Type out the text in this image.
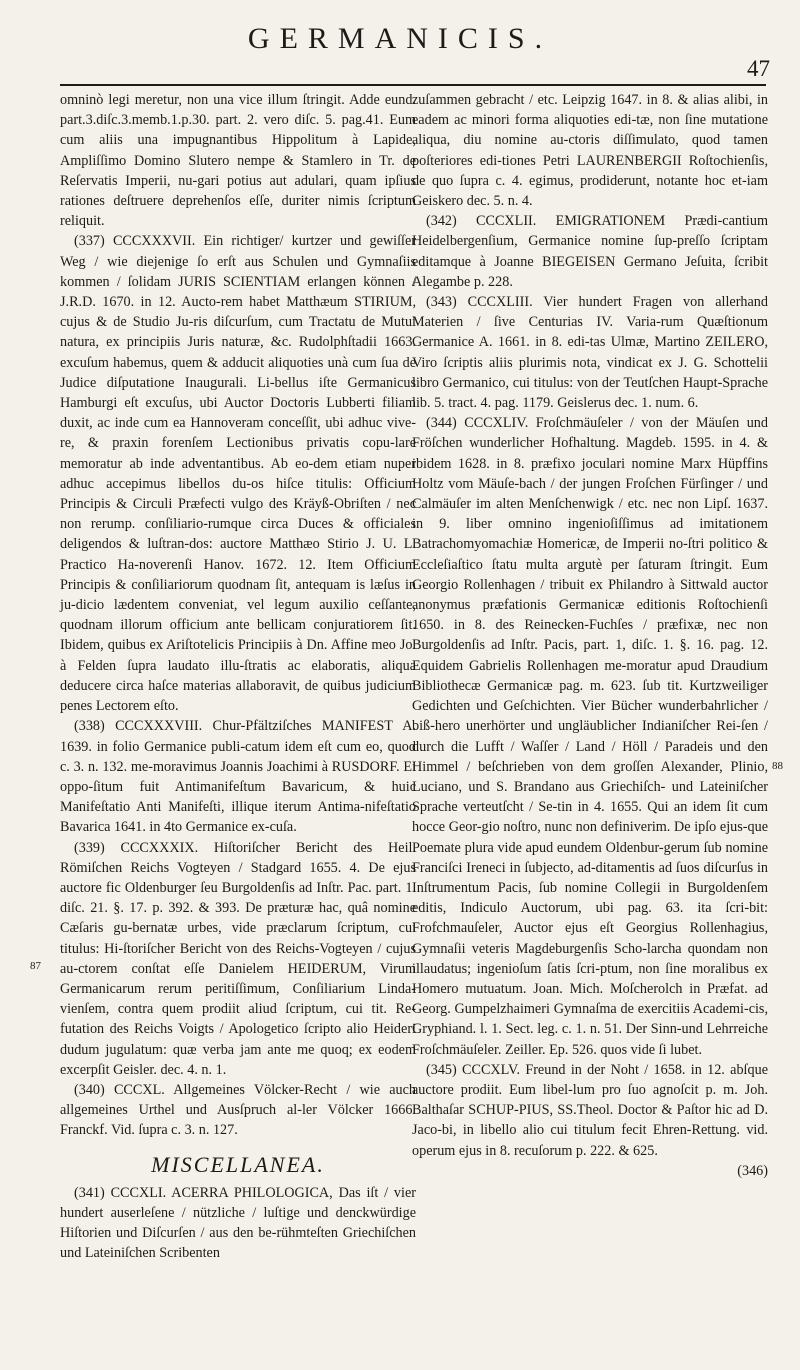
GERMANICIS.
47
87
88

omninò legi meretur, non una vice illum ſtringit. Adde eund. part.3.diſc.3.memb.1.p.30. part. 2. vero diſc. 5. pag.41. Eum cum aliis una impugnantibus Hippolitum à Lapide, Ampliſſimo Domino Slutero nempe & Stamlero in Tr. de Reſervatis Imperii, nu-gari potius aut adulari, quam ipſius rationes deſtruere deprehenſos eſſe, duriter nimis ſcriptum reliquit.

(337) CCCXXXVII. Ein richtiger/ kurtzer und gewiſſer Weg / wie diejenige ſo erſt aus Schulen und Gymnaſiis kommen / ſolidam JURIS SCIENTIAM erlangen können / J.R.D. 1670. in 12. Aucto-rem habet Matthæum STIRIUM, cujus & de Studio Ju-ris diſcurſum, cum Tractatu de Mutui natura, ex principiis Juris naturæ, &c. Rudolphſtadii 1663. excuſum habemus, quem & adducit aliquoties unà cum ſua de Judice diſputatione Inaugurali. Li-bellus iſte Germanicus Hamburgi eſt excuſus, ubi Auctor Doctoris Lubberti filiam duxit, ac inde cum ea Hannoveram conceſſit, ubi adhuc vive-re, & praxin forenſem Lectionibus privatis copu-lare memoratur ab inde adventantibus. Ab eo-dem etiam nuper adhuc accepimus libellos du-os hiſce titulis: Officium Principis & Circuli Præfecti vulgo des Kräyß-Obriſten / nec non rerump. conſiliario-rumque circa Duces & officiales deligendos & luſtran-dos: auctore Matthæo Stirio J. U. L. Practico Ha-noverenſi Hanov. 1672. 12. Item Officium Principis & conſiliariorum quodnam ſit, antequam is læſus in ju-dicio lædentem conveniat, vel legum auxilio ceſſante, quodnam illorum officium ante bellicam conjuratiorem ſit. Ibidem, quibus ex Ariſtotelicis Principiis à Dn. Affine meo Jo. à Felden ſupra laudato illu-ſtratis ac elaboratis, aliqua deducere circa haſce materias allaboravit, de quibus judicium penes Lectorem eſto.

(338) CCCXXXVIII. Chur-Pfältziſches MANIFEST A. 1639. in folio Germanice publi-catum idem eſt cum eo, quod c. 3. n. 132. me-moravimus Joannis Joachimi à RUSDORF. Ei oppo-ſitum fuit Antimanifeſtum Bavaricum, & huic Manifeſtatio Anti Manifeſti, illique iterum Antima-nifeſtatio Bavarica 1641. in 4to Germanice ex-cuſa.

(339) CCCXXXIX. Hiſtoriſcher Bericht des Heil. Römiſchen Reichs Vogteyen / Stadgard 1655. 4. De ejus auctore fic Oldenburger ſeu Burgoldenſis ad Inſtr. Pac. part. 1. diſc. 21. §. 17. p. 392. & 393. De præturæ hac, quâ nomine Cæſaris gu-bernatæ urbes, vide præclarum ſcriptum, cui titulus: Hi-ſtoriſcher Bericht von des Reichs-Vogteyen / cujus au-ctorem conſtat eſſe Danielem HEIDERUM, Virum Germanicarum rerum peritiſſimum, Conſiliarium Linda-vienſem, contra quem prodiit aliud ſcriptum, cui tit. Re-futation des Reichs Voigts / Apologetico ſcripto alio Heideri dudum jugulatum: quæ verba jam ante me quoq; ex eodem excerpſit Geisler. dec. 4. n. 1.

(340) CCCXL. Allgemeines Völcker-Recht / wie auch allgemeines Urthel und Ausſpruch al-ler Völcker 1666. Franckf. Vid. ſupra c. 3. n. 127.

MISCELLANEA.

(341) CCCXLI. ACERRA PHILOLOGICA, Das iſt / vier hundert auserleſene / nützliche / luſtige und denckwürdige Hiſtorien und Diſcurſen / aus den be-rühmteſten Griechiſchen und Lateiniſchen Scribenten

zuſammen gebracht / etc. Leipzig 1647. in 8. & alias alibi, in eadem ac minori forma aliquoties edi-tæ, non ſine mutatione aliqua, diu nomine au-ctoris diſſimulato, quod tamen poſteriores edi-tiones Petri LAURENBERGII Roſtochienſis, de quo ſupra c. 4. egimus, prodiderunt, notante hoc et-iam Geiskero dec. 5. n. 4.

(342) CCCXLII. EMIGRATIONEM Prædi-cantium Heidelbergenſium, Germanice nomine ſup-preſſo ſcriptam editamque à Joanne BIEGEISEN Germano Jeſuita, ſcribit Alegambe p. 228.

(343) CCCXLIII. Vier hundert Fragen von allerhand Materien / ſive Centurias IV. Varia-rum Quæſtionum Germanice A. 1661. in 8. edi-tas Ulmæ, Martino ZEILERO, Viro ſcriptis aliis plurimis nota, vindicat ex J. G. Schottelii libro Germanico, cui titulus: von der Teutſchen Haupt-Sprache lib. 5. tract. 4. pag. 1179. Geislerus dec. 1. num. 6.

(344) CCCXLIV. Froſchmäuſeler / von der Mäuſen und Fröſchen wunderlicher Hofhaltung. Magdeb. 1595. in 4. & ibidem 1628. in 8. præfixo joculari nomine Marx Hüpffins Holtz vom Mäuſe-bach / der jungen Froſchen Fürſinger / und Calmäuſer im alten Menſchenwigk / etc. nec non Lipſ. 1637. in 9. liber omnino ingenioſiſſimus ad imitationem Batrachomyomachiæ Homericæ, de Imperii no-ſtri politico & Eccleſiaſtico ſtatu multa argutè per ſaturam ſtringit. Eum Georgio Rollenhagen / tribuit ex Philandro à Sittwald auctor anonymus præfationis Germanicæ editionis Roſtochienſi 1650. in 8. des Reinecken-Fuchſes / præfixæ, nec non Burgoldenſis ad Inſtr. Pacis, part. 1, diſc. 1. §. 16. pag. 12. Equidem Gabrielis Rollenhagen me-moratur apud Draudium Bibliothecæ Germanicæ pag. m. 623. ſub tit. Kurtzweiliger Gedichten und Geſchichten. Vier Bücher wunderbahrlicher / biß-hero unerhörter und ungläublicher Indianiſcher Rei-ſen / durch die Lufft / Waſſer / Land / Höll / Paradeis und den Himmel / beſchrieben von dem groſſen Alexander, Plinio, Luciano, und S. Brandano aus Griechiſch- und Lateiniſcher Sprache verteutſcht / Se-tin in 4. 1655. Qui an idem ſit cum hocce Geor-gio noſtro, nunc non definiverim. De ipſo ejus-que Poemate plura vide apud eundem Oldenbur-gerum ſub nomine Franciſci Ireneci in ſubjecto, ad-ditamentis ad ſuos diſcurſus in Inſtrumentum Pacis, ſub nomine Collegii in Burgoldenſem editis, Indiculo Auctorum, ubi pag. 63. ita ſcri-bit: Frofchmauſeler, Auctor ejus eſt Georgius Rollenhagius, Gymnaſii veteris Magdeburgenſis Scho-larcha quondam non illaudatus; ingenioſum ſatis ſcri-ptum, non ſine moralibus ex Homero mutuatum. Joan. Mich. Moſcherolch in Præfat. ad Georg. Gumpelzhaimeri Gymnaſma de exercitiis Academi-cis, Gryphiand. l. 1. Sect. leg. c. 1. n. 51. Der Sinn-und Lehrreiche Froſchmäuſeler. Zeiller. Ep. 526. quos vide ſi lubet.

(345) CCCXLV. Freund in der Noht / 1658. in 12. abſque auctore prodiit. Eum libel-lum pro ſuo agnoſcit p. m. Joh. Balthaſar SCHUP-PIUS, SS.Theol. Doctor & Paſtor hic ad D. Jaco-bi, in libello alio cui titulum fecit Ehren-Rettung. vid. operum ejus in 8. recuſorum p. 222. & 625.

(346)
